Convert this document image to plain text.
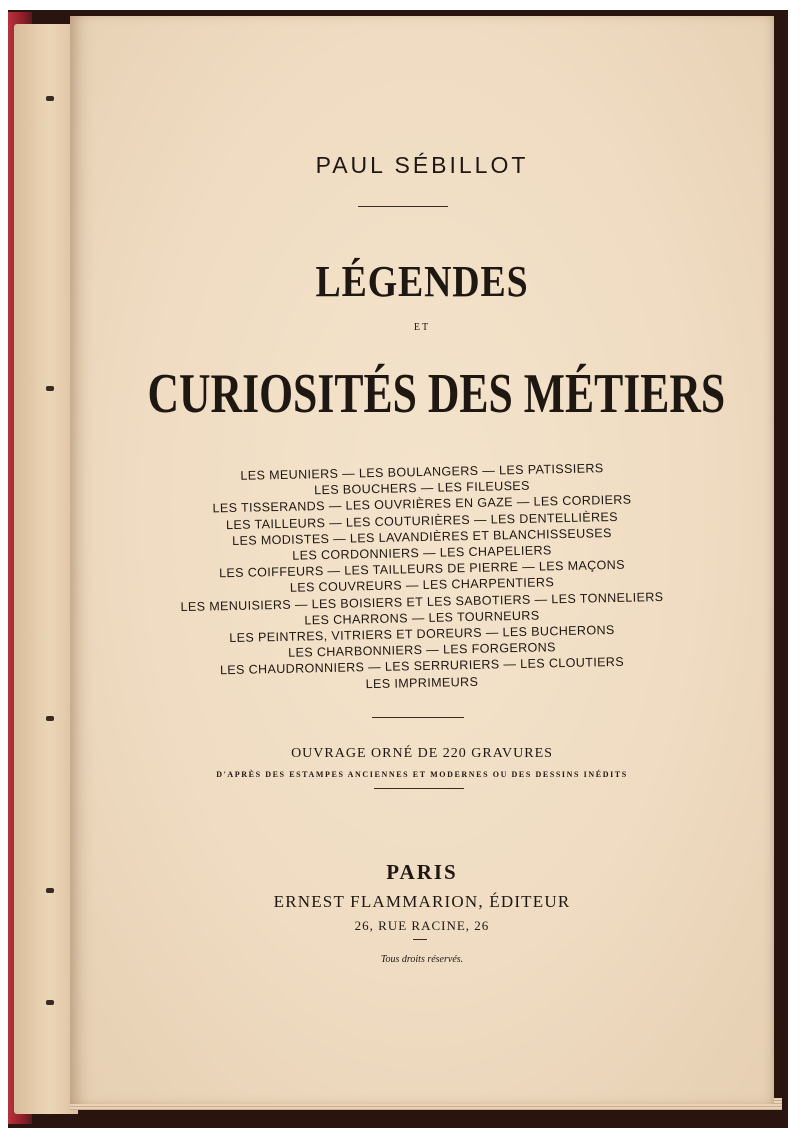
PAUL SÉBILLOT
LÉGENDES
ET
CURIOSITÉS DES MÉTIERS
LES MEUNIERS — LES BOULANGERS — LES PATISSIERS
LES BOUCHERS — LES FILEUSES
LES TISSERANDS — LES OUVRIÈRES EN GAZE — LES CORDIERS
LES TAILLEURS — LES COUTURIÈRES — LES DENTELLIÈRES
LES MODISTES — LES LAVANDIÈRES ET BLANCHISSEUSES
LES CORDONNIERS — LES CHAPELIERS
LES COIFFEURS — LES TAILLEURS DE PIERRE — LES MAÇONS
LES COUVREURS — LES CHARPENTIERS
LES MENUISIERS — LES BOISIERS ET LES SABOTIERS — LES TONNELIERS
LES CHARRONS — LES TOURNEURS
LES PEINTRES, VITRIERS ET DOREURS — LES BUCHERONS
LES CHARBONNIERS — LES FORGERONS
LES CHAUDRONNIERS — LES SERRURIERS — LES CLOUTIERS
LES IMPRIMEURS
OUVRAGE ORNÉ DE 220 GRAVURES
D'APRÈS DES ESTAMPES ANCIENNES ET MODERNES OU DES DESSINS INÉDITS
PARIS
ERNEST FLAMMARION, ÉDITEUR
26, RUE RACINE, 26
Tous droits réservés.
